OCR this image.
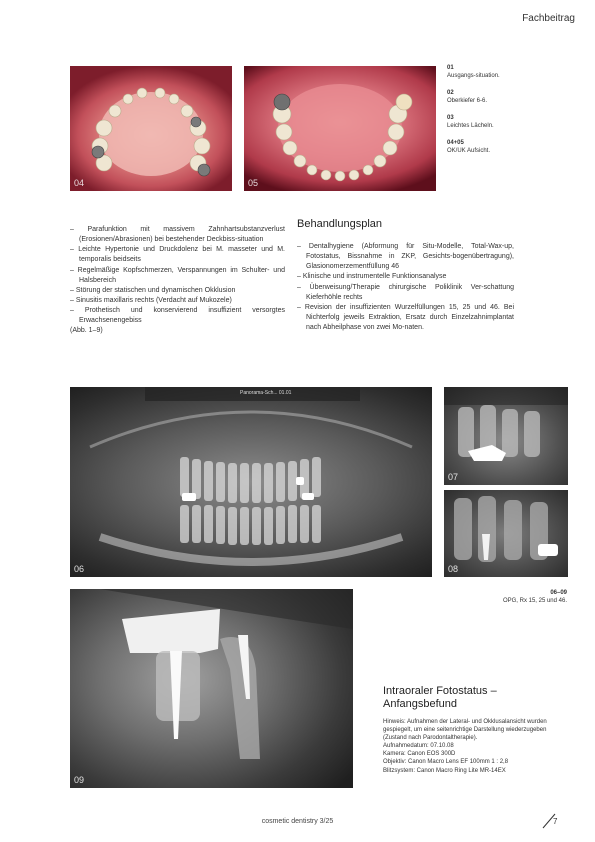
Fachbeitrag
04	05
01
Ausgangs-situation.
02
Oberkiefer 6-6.
03
Leichtes Lächeln.
04+05
OK/UK Aufsicht.
– Parafunktion mit massivem Zahnhartsubstanzverlust (Erosionen/Abrasionen) bei bestehender Deckbiss-situation
– Leichte Hypertonie und Druckdolenz bei M. masseter und M. temporalis beidseits
– Regelmäßige Kopfschmerzen, Verspannungen im Schulter- und Halsbereich
– Störung der statischen und dynamischen Okklusion
– Sinusitis maxillaris rechts (Verdacht auf Mukozele)
– Prothetisch und konservierend insuffizient versorgtes Erwachsenengebiss
(Abb. 1–9)
Behandlungsplan
– Dentalhygiene (Abformung für Situ-Modelle, Total-Wax-up, Fotostatus, Bissnahme in ZKP, Gesichts-bogenübertragung), Glasionomerzementfüllung 46
– Klinische und instrumentelle Funktionsanalyse
– Überweisung/Therapie chirurgische Poliklinik Ver-schattung Kieferhöhle rechts
– Revision der insuffizienten Wurzelfüllungen 15, 25 und 46. Bei Nichterfolg jeweils Extraktion, Ersatz durch Einzelzahnimplantat nach Abheilphase von zwei Mo-naten.
Panorama-Sch... 01.01
06
07
08
06–09
OPG, Rx 15, 25 und 46.
09
Intraoraler Fotostatus – Anfangsbefund
Hinweis: Aufnahmen der Lateral- und Okklusalansicht wurden gespiegelt, um eine seitenrichtige Darstellung wiederzugeben (Zustand nach Parodontaltherapie).
Aufnahmedatum: 07.10.08
Kamera: Canon EOS 300D
Objektiv: Canon Macro Lens EF 100mm 1 : 2,8
Blitzsystem: Canon Macro Ring Lite MR-14EX
cosmetic dentistry 3/25	7
